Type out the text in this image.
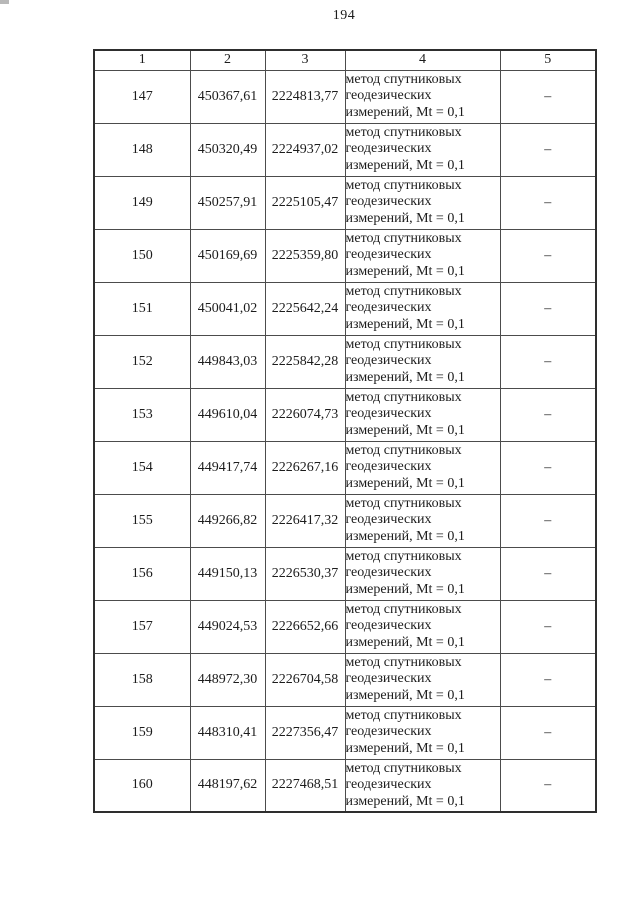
194
1	2	3	4	5
147	450367,61	2224813,77	метод спутниковых геодезических измерений, Mt = 0,1	–
148	450320,49	2224937,02	метод спутниковых геодезических измерений, Mt = 0,1	–
149	450257,91	2225105,47	метод спутниковых геодезических измерений, Mt = 0,1	–
150	450169,69	2225359,80	метод спутниковых геодезических измерений, Mt = 0,1	–
151	450041,02	2225642,24	метод спутниковых геодезических измерений, Mt = 0,1	–
152	449843,03	2225842,28	метод спутниковых геодезических измерений, Mt = 0,1	–
153	449610,04	2226074,73	метод спутниковых геодезических измерений, Mt = 0,1	–
154	449417,74	2226267,16	метод спутниковых геодезических измерений, Mt = 0,1	–
155	449266,82	2226417,32	метод спутниковых геодезических измерений, Mt = 0,1	–
156	449150,13	2226530,37	метод спутниковых геодезических измерений, Mt = 0,1	–
157	449024,53	2226652,66	метод спутниковых геодезических измерений, Mt = 0,1	–
158	448972,30	2226704,58	метод спутниковых геодезических измерений, Mt = 0,1	–
159	448310,41	2227356,47	метод спутниковых геодезических измерений, Mt = 0,1	–
160	448197,62	2227468,51	метод спутниковых геодезических измерений, Mt = 0,1	–
